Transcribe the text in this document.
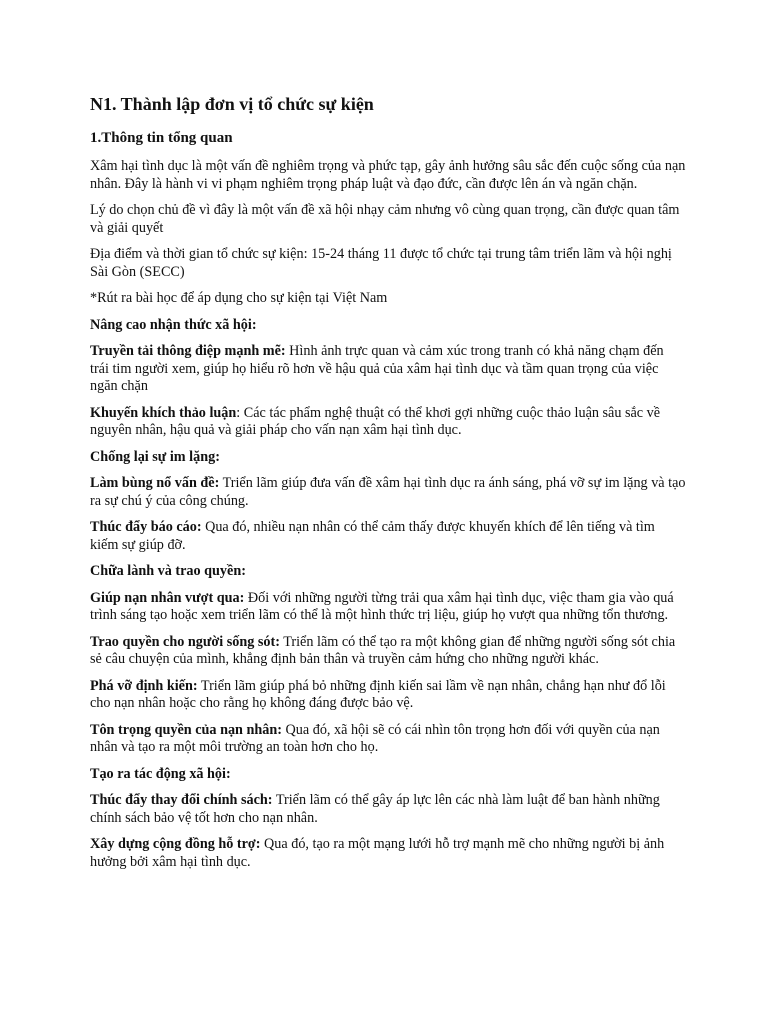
N1. Thành lập đơn vị tổ chức sự kiện
1.Thông tin tổng quan

Xâm hại tình dục là một vấn đề nghiêm trọng và phức tạp, gây ảnh hưởng sâu sắc đến cuộc sống của nạn nhân. Đây là hành vi vi phạm nghiêm trọng pháp luật và đạo đức, cần được lên án và ngăn chặn.

Lý do chọn chủ đề vì đây là một vấn đề xã hội nhạy cảm nhưng vô cùng quan trọng, cần được quan tâm và giải quyết

Địa điểm và thời gian tổ chức sự kiện: 15-24 tháng 11 được tổ chức tại trung tâm triển lãm và hội nghị Sài Gòn (SECC)

*Rút ra bài học để áp dụng cho sự kiện tại Việt Nam

Nâng cao nhận thức xã hội:

Truyền tải thông điệp mạnh mẽ: Hình ảnh trực quan và cảm xúc trong tranh có khả năng chạm đến trái tim người xem, giúp họ hiểu rõ hơn về hậu quả của xâm hại tình dục và tầm quan trọng của việc ngăn chặn

Khuyến khích thảo luận: Các tác phẩm nghệ thuật có thể khơi gợi những cuộc thảo luận sâu sắc về nguyên nhân, hậu quả và giải pháp cho vấn nạn xâm hại tình dục.

Chống lại sự im lặng:

Làm bùng nổ vấn đề: Triển lãm giúp đưa vấn đề xâm hại tình dục ra ánh sáng, phá vỡ sự im lặng và tạo ra sự chú ý của công chúng.

Thúc đẩy báo cáo: Qua đó, nhiều nạn nhân có thể cảm thấy được khuyến khích để lên tiếng và tìm kiếm sự giúp đỡ.

Chữa lành và trao quyền:

Giúp nạn nhân vượt qua: Đối với những người từng trải qua xâm hại tình dục, việc tham gia vào quá trình sáng tạo hoặc xem triển lãm có thể là một hình thức trị liệu, giúp họ vượt qua những tổn thương.

Trao quyền cho người sống sót: Triển lãm có thể tạo ra một không gian để những người sống sót chia sẻ câu chuyện của mình, khẳng định bản thân và truyền cảm hứng cho những người khác.

Phá vỡ định kiến: Triển lãm giúp phá bỏ những định kiến sai lầm về nạn nhân, chẳng hạn như đổ lỗi cho nạn nhân hoặc cho rằng họ không đáng được bảo vệ.

Tôn trọng quyền của nạn nhân: Qua đó, xã hội sẽ có cái nhìn tôn trọng hơn đối với quyền của nạn nhân và tạo ra một môi trường an toàn hơn cho họ.

Tạo ra tác động xã hội:

Thúc đẩy thay đổi chính sách: Triển lãm có thể gây áp lực lên các nhà làm luật để ban hành những chính sách bảo vệ tốt hơn cho nạn nhân.

Xây dựng cộng đồng hỗ trợ: Qua đó, tạo ra một mạng lưới hỗ trợ mạnh mẽ cho những người bị ảnh hưởng bởi xâm hại tình dục.
